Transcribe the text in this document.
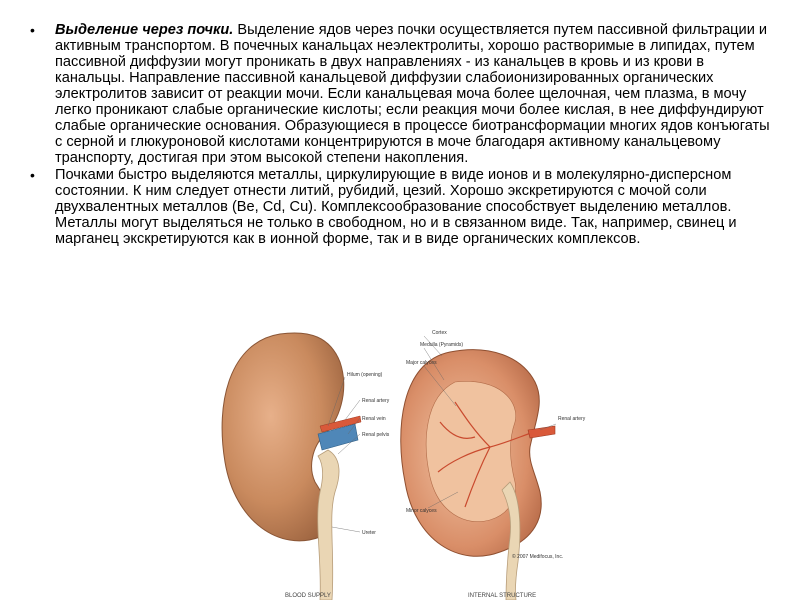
• Выделение через почки. Выделение ядов через почки осуществляется путем пассивной фильтрации и активным транспортом. В почечных канальцах неэлектролиты, хорошо растворимые в липидах, путем пассивной диффузии могут проникать в двух направлениях - из канальцев в кровь и из крови в канальцы. Направление пассивной канальцевой диффузии слабоионизированных органических электролитов зависит от реакции мочи. Если канальцевая моча более щелочная, чем плазма, в мочу легко проникают слабые органические кислоты; если реакция мочи более кислая, в нее диффундируют слабые органические основания. Образующиеся в процессе биотрансформации многих ядов конъюгаты с серной и глюкуроновой кислотами концентрируются в моче благодаря активному канальцевому транспорту, достигая при этом высокой степени накопления.
• Почками быстро выделяются металлы, циркулирующие в виде ионов и в молекулярно-дисперсном состоянии. К ним следует отнести литий, рубидий, цезий. Хорошо экскретируются с мочой соли двухвалентных металлов (Be, Cd, Cu). Комплексообразование способствует выделению металлов. Металлы могут выделяться не только в свободном, но и в связанном виде. Так, например, свинец и марганец экскретируются как в ионной форме, так и в виде органических комплексов.
Hilum (opening)
Renal artery
Renal vein
Renal pelvis
Ureter
Cortex
Medulla (Pyramids)
Major calyces
Renal artery
Minor calyces
© 2007 Medifocus, Inc.
BLOOD SUPPLY	INTERNAL STRUCTURE
